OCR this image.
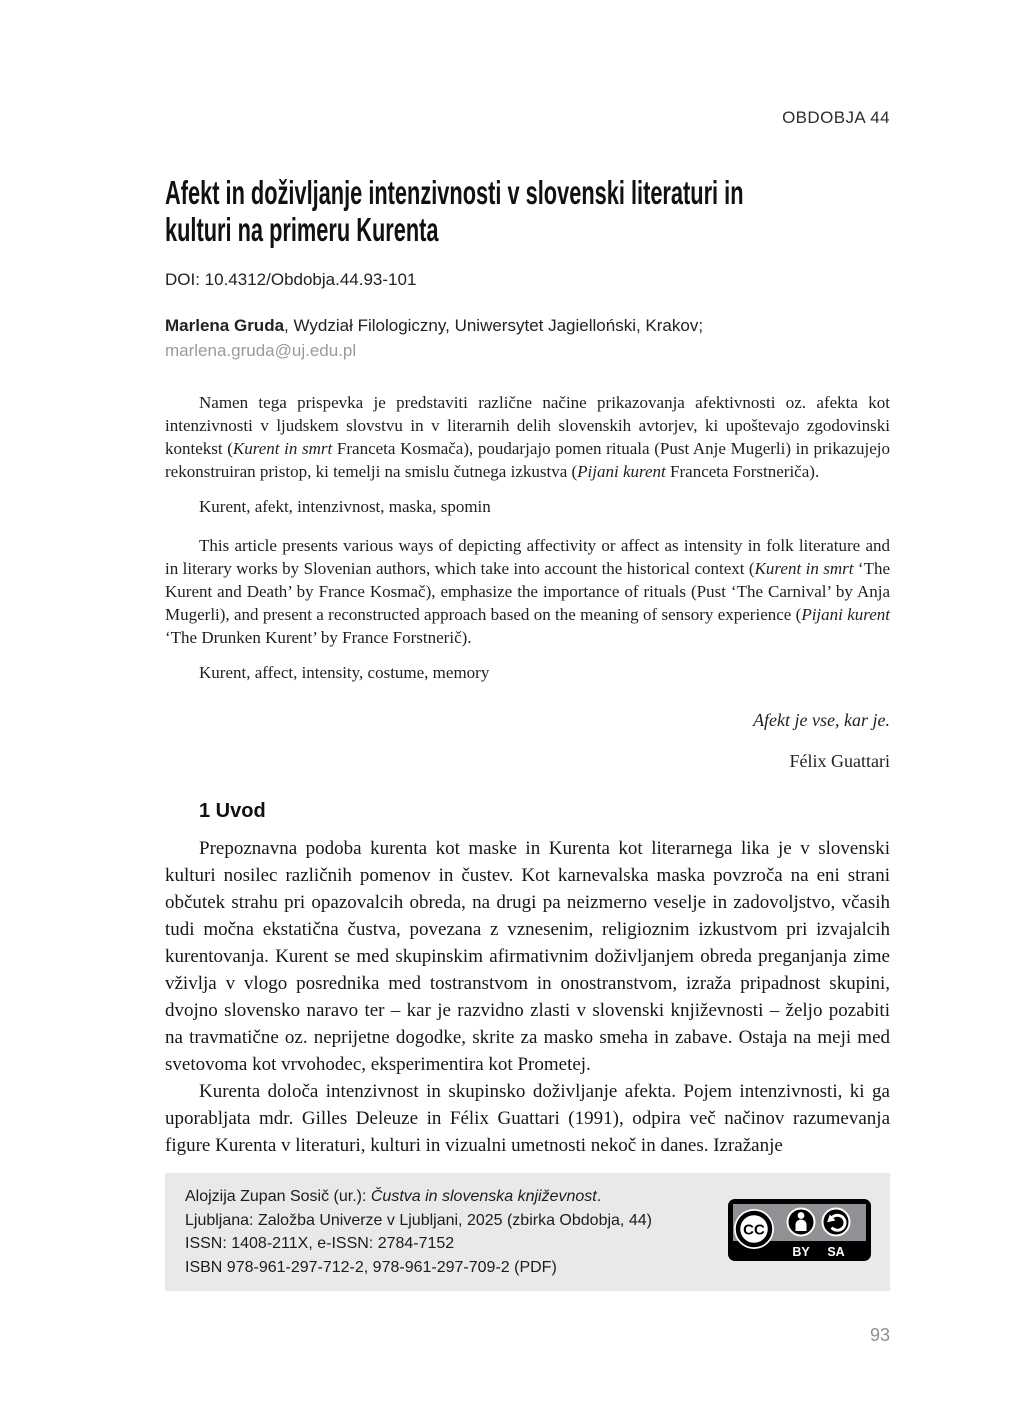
OBDOBJA 44
Afekt in doživljanje intenzivnosti v slovenski literaturi in
kulturi na primeru Kurenta
DOI: 10.4312/Obdobja.44.93-101
Marlena Gruda, Wydział Filologiczny, Uniwersytet Jagielloński, Krakov;
marlena.gruda@uj.edu.pl

Namen tega prispevka je predstaviti različne načine prikazovanja afektivnosti oz. afekta kot intenzivnosti v ljudskem slovstvu in v literarnih delih slovenskih avtorjev, ki upoštevajo zgodovinski kontekst (Kurent in smrt Franceta Kosmača), poudarjajo pomen rituala (Pust Anje Mugerli) in prikazujejo rekonstruiran pristop, ki temelji na smislu čutnega izkustva (Pijani kurent Franceta Forstneriča).

Kurent, afekt, intenzivnost, maska, spomin

This article presents various ways of depicting affectivity or affect as intensity in folk literature and in literary works by Slovenian authors, which take into account the historical context (Kurent in smrt ‘The Kurent and Death’ by France Kosmač), emphasize the importance of rituals (Pust ‘The Carnival’ by Anja Mugerli), and present a reconstructed approach based on the meaning of sensory experience (Pijani kurent ‘The Drunken Kurent’ by France Forstnerič).

Kurent, affect, intensity, costume, memory

Afekt je vse, kar je.
Félix Guattari
1 Uvod

Prepoznavna podoba kurenta kot maske in Kurenta kot literarnega lika je v slovenski kulturi nosilec različnih pomenov in čustev. Kot karnevalska maska povzroča na eni strani občutek strahu pri opazovalcih obreda, na drugi pa neizmerno veselje in zadovoljstvo, včasih tudi močna ekstatična čustva, povezana z vznesenim, religioznim izkustvom pri izvajalcih kurentovanja. Kurent se med skupinskim afirmativnim doživljanjem obreda preganjanja zime vživlja v vlogo posrednika med tostranstvom in onostranstvom, izraža pripadnost skupini, dvojno slovensko naravo ter – kar je razvidno zlasti v slovenski književnosti – željo pozabiti na travmatične oz. neprijetne dogodke, skrite za masko smeha in zabave. Ostaja na meji med svetovoma kot vrvohodec, eksperimentira kot Prometej.

Kurenta določa intenzivnost in skupinsko doživljanje afekta. Pojem intenzivnosti, ki ga uporabljata mdr. Gilles Deleuze in Félix Guattari (1991), odpira več načinov razumevanja figure Kurenta v literaturi, kulturi in vizualni umetnosti nekoč in danes. Izražanje

Alojzija Zupan Sosič (ur.): Čustva in slovenska književnost.
Ljubljana: Založba Univerze v Ljubljani, 2025 (zbirka Obdobja, 44)
ISSN: 1408-211X, e-ISSN: 2784-7152
ISBN 978-961-297-712-2, 978-961-297-709-2 (PDF)
CC
BY SA
93
